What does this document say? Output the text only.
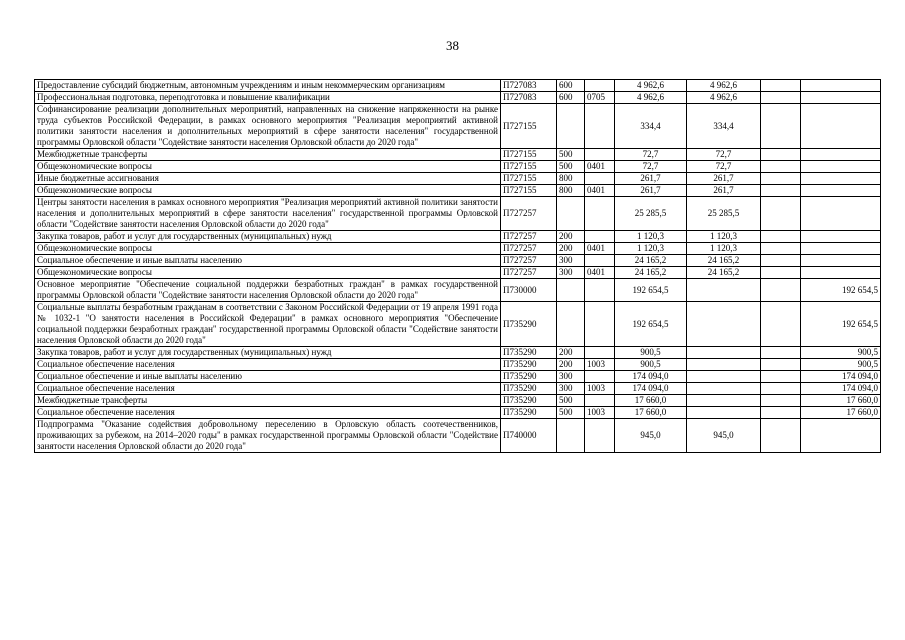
38
Предоставление субсидий бюджетным, автономным учреждениям и иным некоммерческим организациям	П727083	600		4 962,6	4 962,6		
Профессиональная подготовка, переподготовка и повышение квалификации	П727083	600	0705	4 962,6	4 962,6		
Софинансирование реализации дополнительных мероприятий, направленных на снижение напряженности на рынке труда субъектов Российской Федерации, в рамках основного мероприятия "Реализация мероприятий активной политики занятости населения и дополнительных мероприятий в сфере занятости населения" государственной программы Орловской области "Содействие занятости населения Орловской области до 2020 года"	П727155			334,4	334,4		
Межбюджетные трансферты	П727155	500		72,7	72,7		
Общеэкономические вопросы	П727155	500	0401	72,7	72,7		
Иные бюджетные ассигнования	П727155	800		261,7	261,7		
Общеэкономические вопросы	П727155	800	0401	261,7	261,7		
Центры занятости населения в рамках основного мероприятия "Реализация мероприятий активной политики занятости населения и дополнительных мероприятий в сфере занятости населения" государственной программы Орловской области "Содействие занятости населения Орловской области до 2020 года"	П727257			25 285,5	25 285,5		
Закупка товаров, работ и услуг для государственных (муниципальных) нужд	П727257	200		1 120,3	1 120,3		
Общеэкономические вопросы	П727257	200	0401	1 120,3	1 120,3		
Социальное обеспечение и иные выплаты населению	П727257	300		24 165,2	24 165,2		
Общеэкономические вопросы	П727257	300	0401	24 165,2	24 165,2		
Основное мероприятие "Обеспечение социальной поддержки безработных граждан" в рамках государственной программы Орловской области "Содействие занятости населения Орловской области до 2020 года"	П730000			192 654,5			192 654,5
Социальные выплаты безработным гражданам в соответствии с Законом Российской Федерации от 19 апреля 1991 года № 1032-1 "О занятости населения в Российской Федерации" в рамках основного мероприятия "Обеспечение социальной поддержки безработных граждан" государственной программы Орловской области "Содействие занятости населения Орловской области до 2020 года"	П735290			192 654,5			192 654,5
Закупка товаров, работ и услуг для государственных (муниципальных) нужд	П735290	200		900,5			900,5
Социальное обеспечение населения	П735290	200	1003	900,5			900,5
Социальное обеспечение и иные выплаты населению	П735290	300		174 094,0			174 094,0
Социальное обеспечение населения	П735290	300	1003	174 094,0			174 094,0
Межбюджетные трансферты	П735290	500		17 660,0			17 660,0
Социальное обеспечение населения	П735290	500	1003	17 660,0			17 660,0
Подпрограмма "Оказание содействия добровольному переселению в Орловскую область соотечественников, проживающих за рубежом, на 2014–2020 годы" в рамках государственной программы Орловской области "Содействие занятости населения Орловской области до 2020 года"	П740000			945,0	945,0		
